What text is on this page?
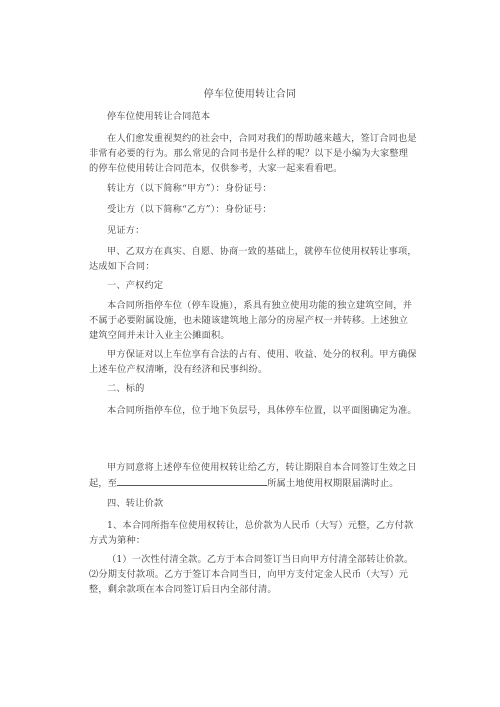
停车位使用转让合同

停车位使用转让合同范本

在人们愈发重视契约的社会中，合同对我们的帮助越来越大，签订合同也是非常有必要的行为。那么常见的合同书是什么样的呢？以下是小编为大家整理的停车位使用转让合同范本，仅供参考，大家一起来看看吧。

转让方（以下简称“甲方”）：身份证号：

受让方（以下简称“乙方”）：身份证号：

见证方：

甲、乙双方在真实、自愿、协商一致的基础上，就停车位使用权转让事项，达成如下合同：

一、产权约定

本合同所指停车位（停车设施），系具有独立使用功能的独立建筑空间，并不属于必要附属设施，也未随该建筑地上部分的房屋产权一并转移。上述独立建筑空间并未计入业主公摊面积。

甲方保证对以上车位享有合法的占有、使用、收益、处分的权利。甲方确保上述车位产权清晰，没有经济和民事纠纷。

二、标的

本合同所指停车位，位于地下负层号，具体停车位置，以平面图确定为准。

甲方同意将上述停车位使用权转让给乙方，转让期限自本合同签订生效之日起，至	所属土地使用权期限届满时止。

四、转让价款

1、本合同所指车位使用权转让，总价款为人民币（大写）元整，乙方付款方式为第种：

（1）一次性付清全款。乙方于本合同签订当日向甲方付清全部转让价款。⑵分期支付款项。乙方于签订本合同当日，向甲方支付定金人民币（大写）元整，剩余款项在本合同签订后日内全部付清。
